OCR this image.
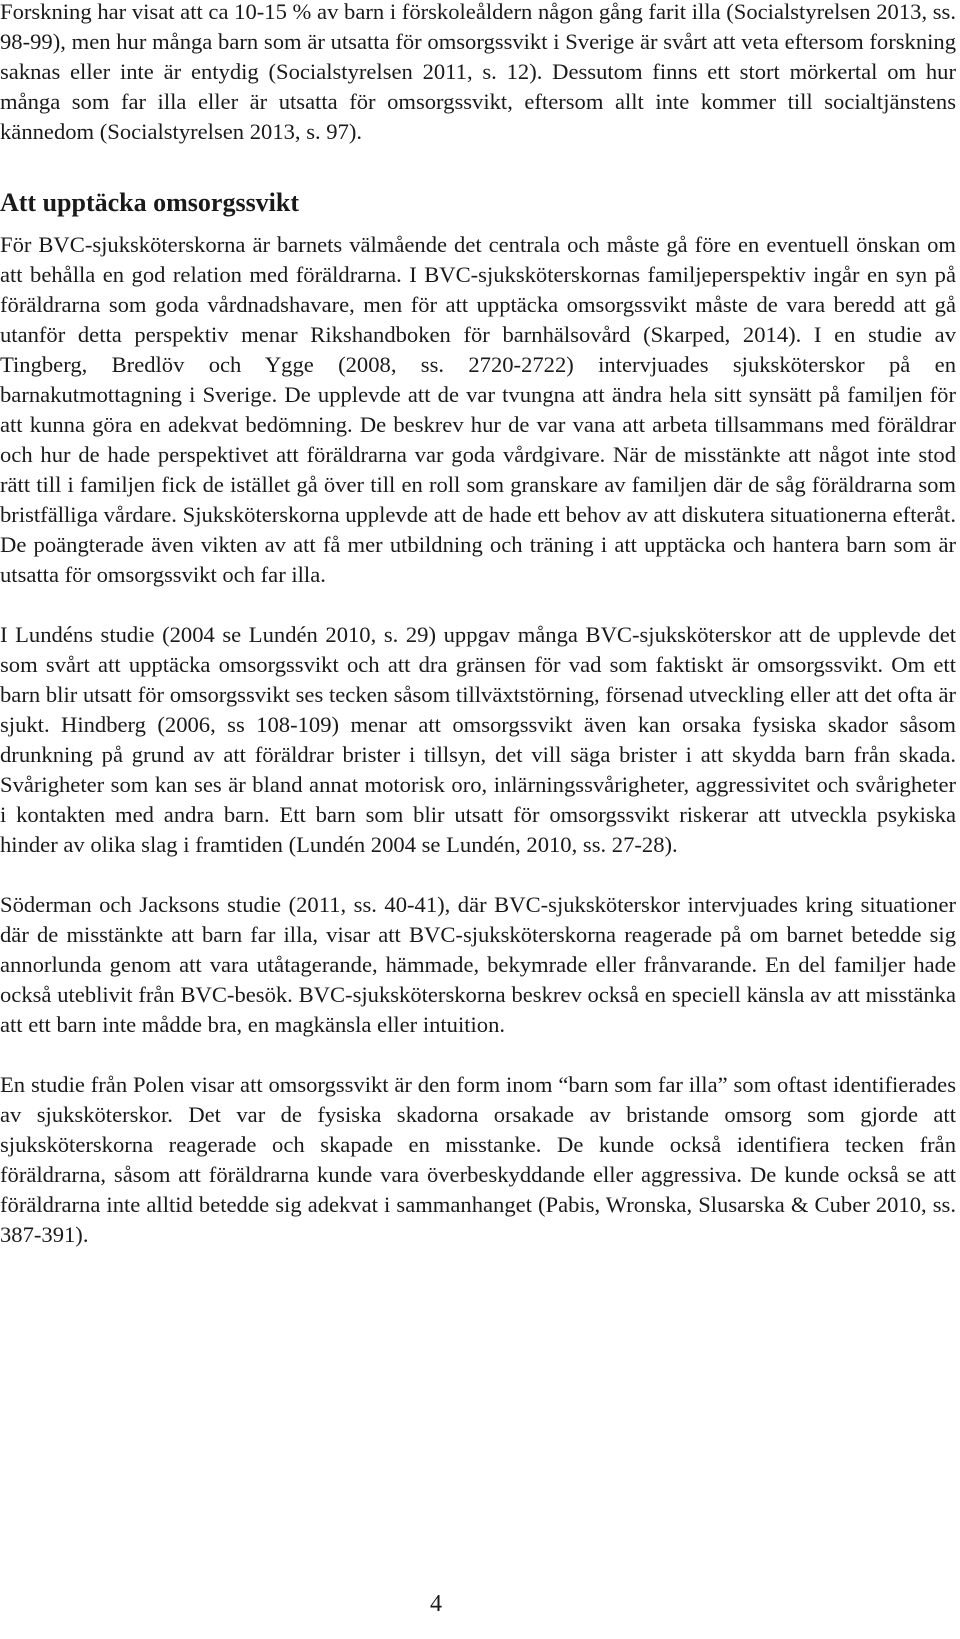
Forskning har visat att ca 10-15 % av barn i förskoleåldern någon gång farit illa (Socialstyrelsen 2013, ss. 98-99), men hur många barn som är utsatta för omsorgssvikt i Sverige är svårt att veta eftersom forskning saknas eller inte är entydig (Socialstyrelsen 2011, s. 12). Dessutom finns ett stort mörkertal om hur många som far illa eller är utsatta för omsorgssvikt, eftersom allt inte kommer till socialtjänstens kännedom (Socialstyrelsen 2013, s. 97).

Att upptäcka omsorgssvikt

För BVC-sjuksköterskorna är barnets välmående det centrala och måste gå före en eventuell önskan om att behålla en god relation med föräldrarna. I BVC-sjuksköterskornas familjeperspektiv ingår en syn på föräldrarna som goda vårdnadshavare, men för att upptäcka omsorgssvikt måste de vara beredd att gå utanför detta perspektiv menar Rikshandboken för barnhälsovård (Skarped, 2014). I en studie av Tingberg, Bredlöv och Ygge (2008, ss. 2720-2722) intervjuades sjuksköterskor på en barnakutmottagning i Sverige. De upplevde att de var tvungna att ändra hela sitt synsätt på familjen för att kunna göra en adekvat bedömning. De beskrev hur de var vana att arbeta tillsammans med föräldrar och hur de hade perspektivet att föräldrarna var goda vårdgivare. När de misstänkte att något inte stod rätt till i familjen fick de istället gå över till en roll som granskare av familjen där de såg föräldrarna som bristfälliga vårdare. Sjuksköterskorna upplevde att de hade ett behov av att diskutera situationerna efteråt. De poängterade även vikten av att få mer utbildning och träning i att upptäcka och hantera barn som är utsatta för omsorgssvikt och far illa.

I Lundéns studie (2004 se Lundén 2010, s. 29) uppgav många BVC-sjuksköterskor att de upplevde det som svårt att upptäcka omsorgssvikt och att dra gränsen för vad som faktiskt är omsorgssvikt. Om ett barn blir utsatt för omsorgssvikt ses tecken såsom tillväxtstörning, försenad utveckling eller att det ofta är sjukt. Hindberg (2006, ss 108-109) menar att omsorgssvikt även kan orsaka fysiska skador såsom drunkning på grund av att föräldrar brister i tillsyn, det vill säga brister i att skydda barn från skada. Svårigheter som kan ses är bland annat motorisk oro, inlärningssvårigheter, aggressivitet och svårigheter i kontakten med andra barn. Ett barn som blir utsatt för omsorgssvikt riskerar att utveckla psykiska hinder av olika slag i framtiden (Lundén 2004 se Lundén, 2010, ss. 27-28).

Söderman och Jacksons studie (2011, ss. 40-41), där BVC-sjuksköterskor intervjuades kring situationer där de misstänkte att barn far illa, visar att BVC-sjuksköterskorna reagerade på om barnet betedde sig annorlunda genom att vara utåtagerande, hämmade, bekymrade eller frånvarande. En del familjer hade också uteblivit från BVC-besök. BVC-sjuksköterskorna beskrev också en speciell känsla av att misstänka att ett barn inte mådde bra, en magkänsla eller intuition.

En studie från Polen visar att omsorgssvikt är den form inom “barn som far illa” som oftast identifierades av sjuksköterskor. Det var de fysiska skadorna orsakade av bristande omsorg som gjorde att sjuksköterskorna reagerade och skapade en misstanke. De kunde också identifiera tecken från föräldrarna, såsom att föräldrarna kunde vara överbeskyddande eller aggressiva. De kunde också se att föräldrarna inte alltid betedde sig adekvat i sammanhanget (Pabis, Wronska, Slusarska & Cuber 2010, ss. 387-391).

4
